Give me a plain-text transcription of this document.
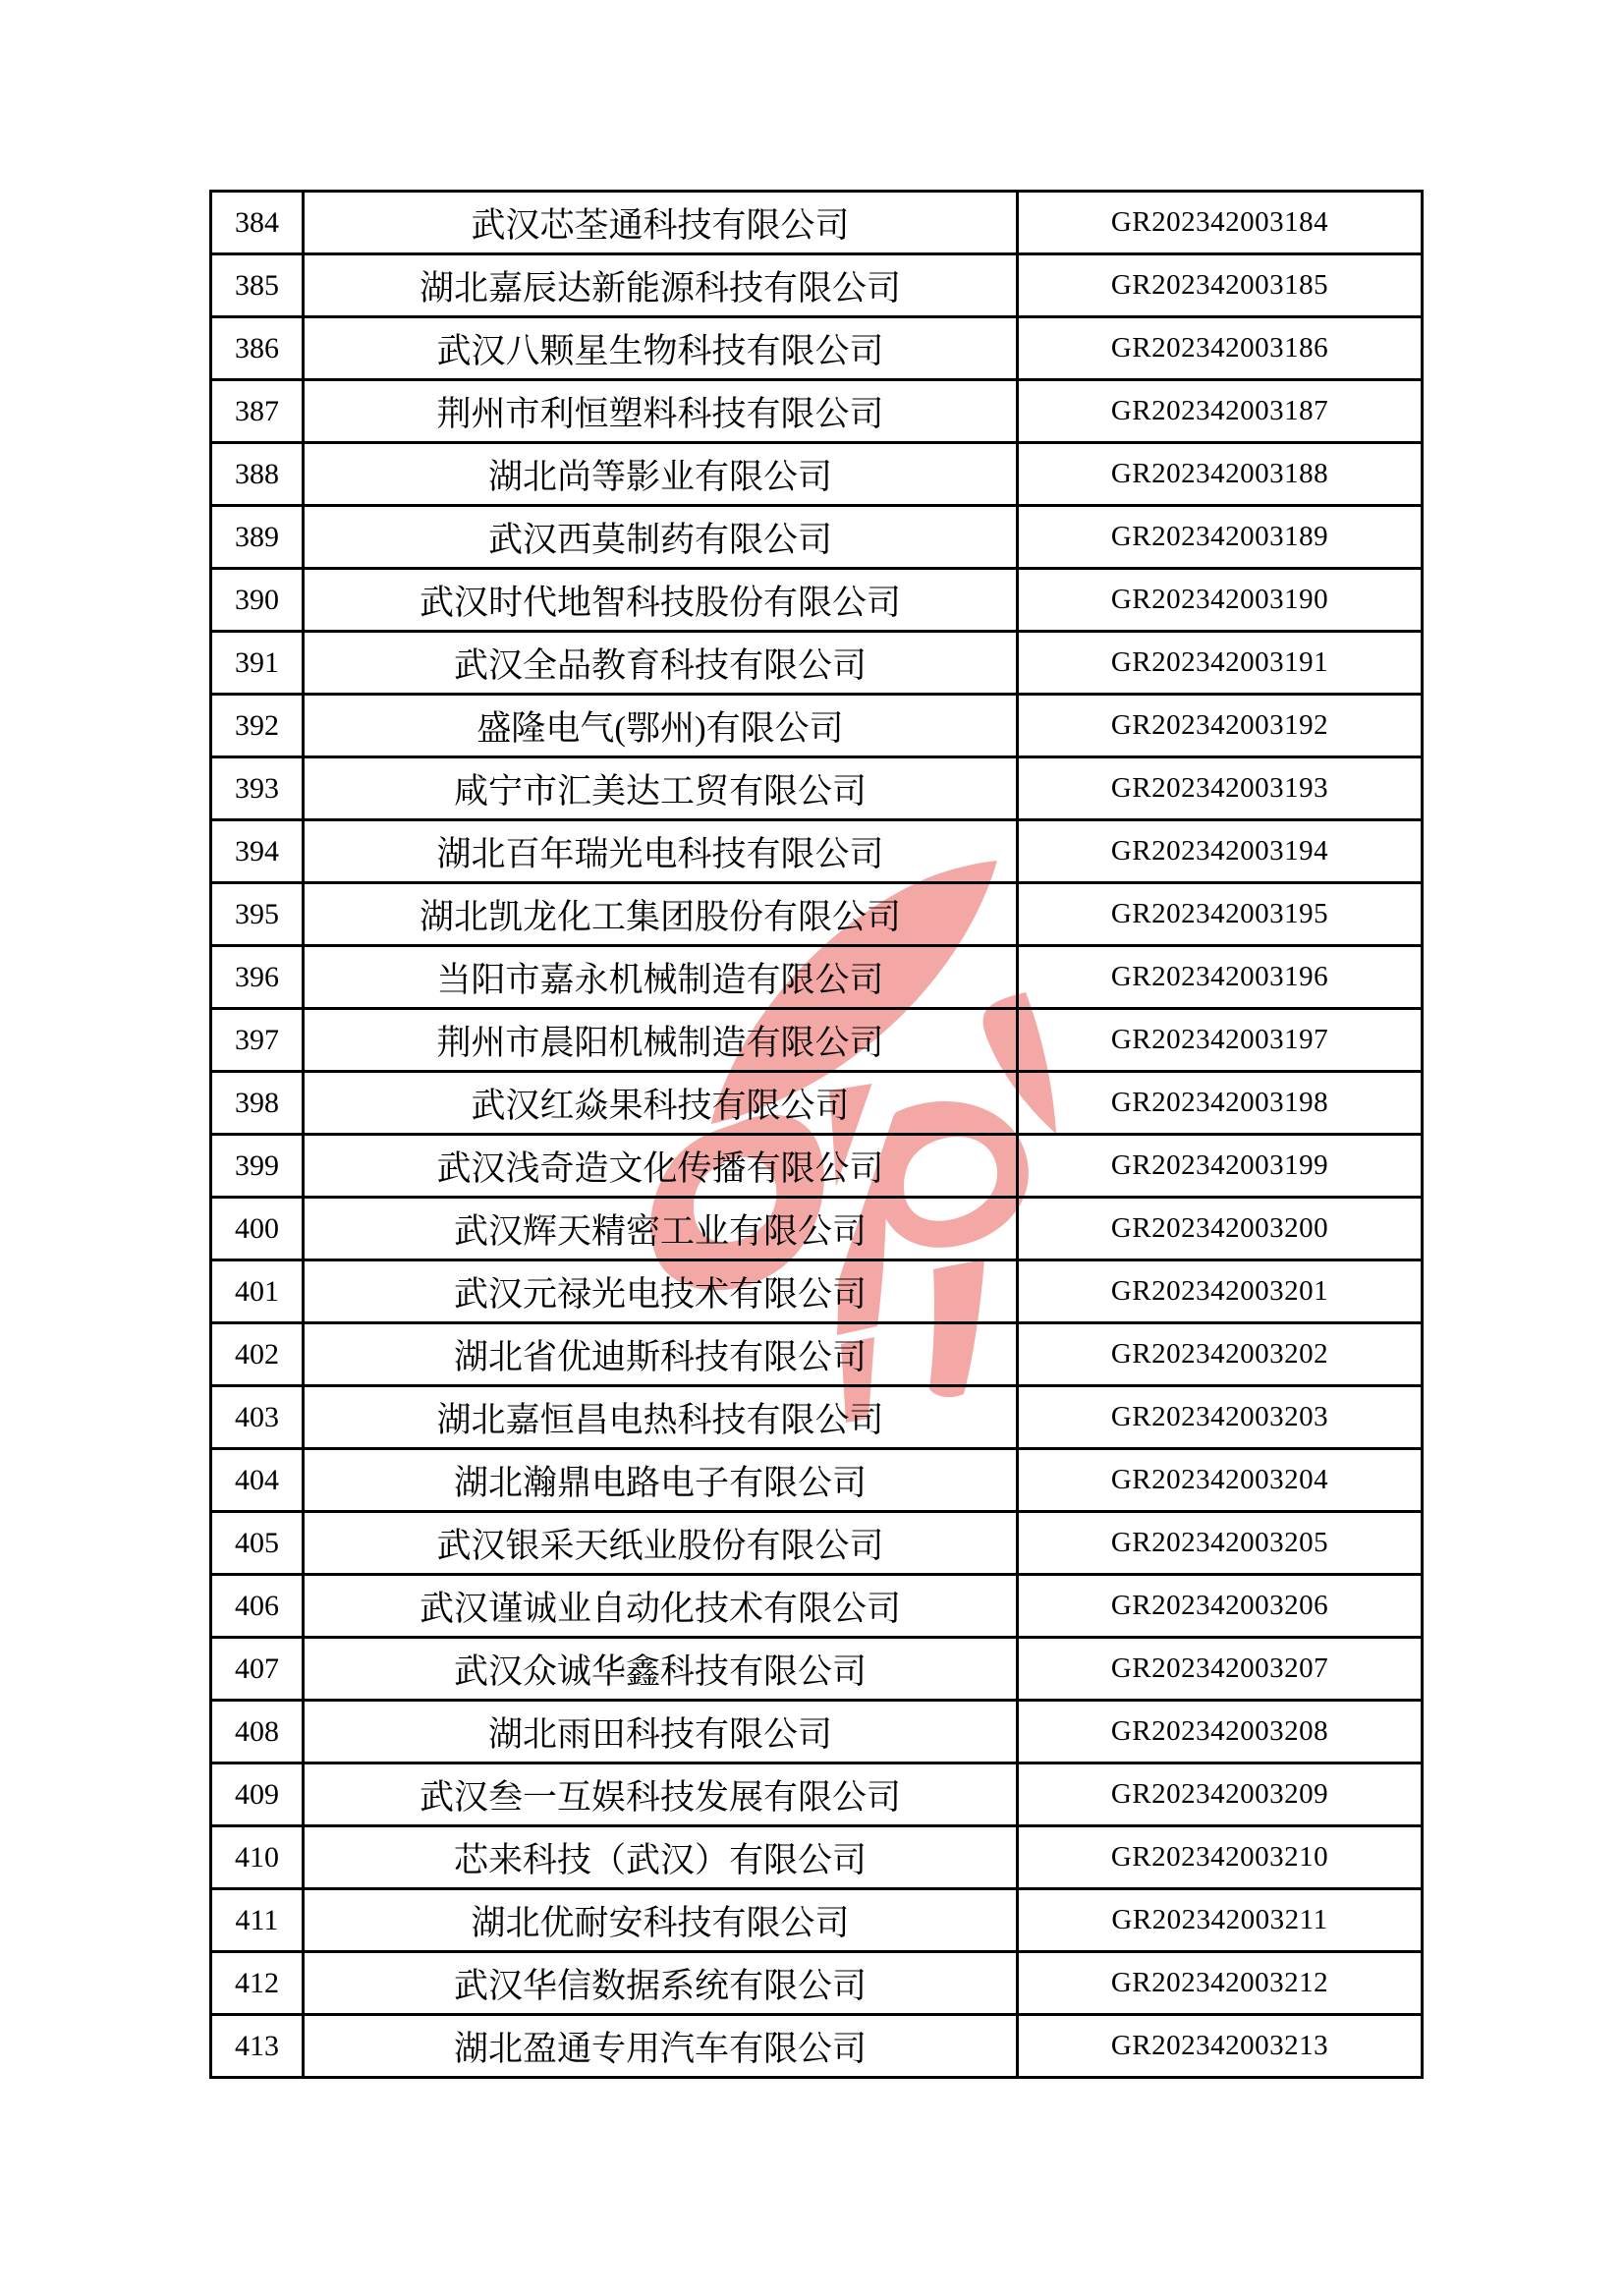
384	武汉芯荃通科技有限公司	GR202342003184
385	湖北嘉辰达新能源科技有限公司	GR202342003185
386	武汉八颗星生物科技有限公司	GR202342003186
387	荆州市利恒塑料科技有限公司	GR202342003187
388	湖北尚等影业有限公司	GR202342003188
389	武汉西莫制药有限公司	GR202342003189
390	武汉时代地智科技股份有限公司	GR202342003190
391	武汉全品教育科技有限公司	GR202342003191
392	盛隆电气(鄂州)有限公司	GR202342003192
393	咸宁市汇美达工贸有限公司	GR202342003193
394	湖北百年瑞光电科技有限公司	GR202342003194
395	湖北凯龙化工集团股份有限公司	GR202342003195
396	当阳市嘉永机械制造有限公司	GR202342003196
397	荆州市晨阳机械制造有限公司	GR202342003197
398	武汉红焱果科技有限公司	GR202342003198
399	武汉浅奇造文化传播有限公司	GR202342003199
400	武汉辉天精密工业有限公司	GR202342003200
401	武汉元禄光电技术有限公司	GR202342003201
402	湖北省优迪斯科技有限公司	GR202342003202
403	湖北嘉恒昌电热科技有限公司	GR202342003203
404	湖北瀚鼎电路电子有限公司	GR202342003204
405	武汉银采天纸业股份有限公司	GR202342003205
406	武汉谨诚业自动化技术有限公司	GR202342003206
407	武汉众诚华鑫科技有限公司	GR202342003207
408	湖北雨田科技有限公司	GR202342003208
409	武汉叁一互娱科技发展有限公司	GR202342003209
410	芯来科技（武汉）有限公司	GR202342003210
411	湖北优耐安科技有限公司	GR202342003211
412	武汉华信数据系统有限公司	GR202342003212
413	湖北盈通专用汽车有限公司	GR202342003213
